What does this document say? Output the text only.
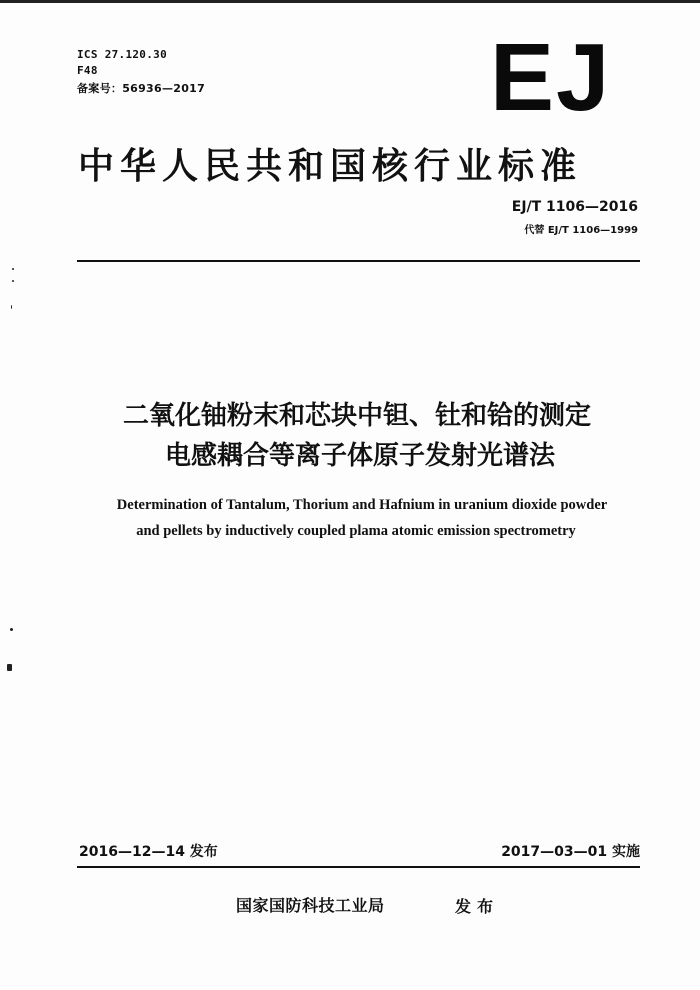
ICS 27.120.30
F48
备案号：56936—2017	EJ
中华人民共和国核行业标准
EJ/T 1106—2016
代替 EJ/T 1106—1999
二氧化铀粉末和芯块中钽、钍和铪的测定
电感耦合等离子体原子发射光谱法
Determination of Tantalum, Thorium and Hafnium in uranium dioxide powder
and pellets by inductively coupled plama atomic emission spectrometry
2016—12—14 发布	2017—03—01 实施
国家国防科技工业局	发布
